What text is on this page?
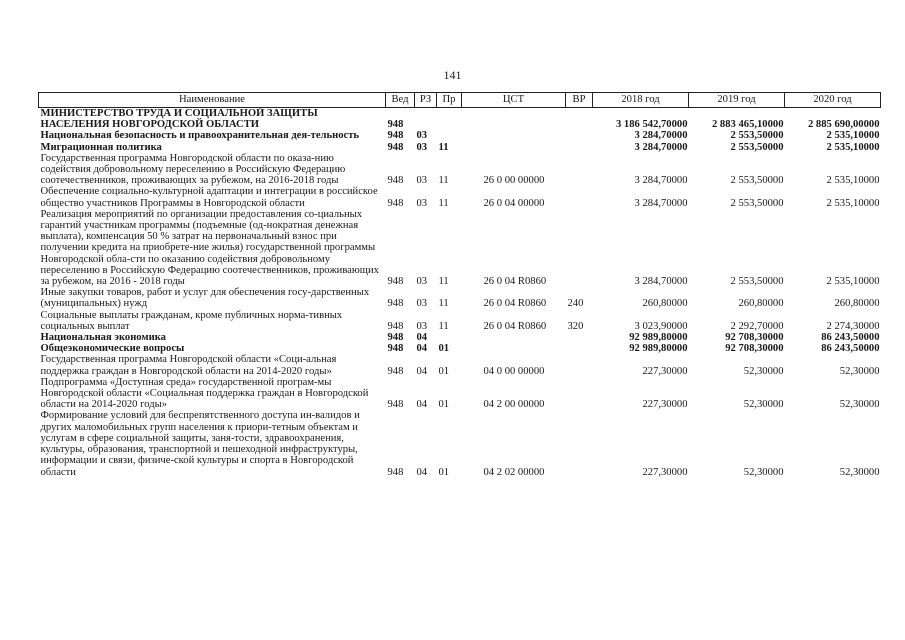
141
Наименование	Вед	РЗ	Пр	ЦСТ	ВР	2018 год	2019 год	2020 год
МИНИСТЕРСТВО ТРУДА И СОЦИАЛЬНОЙ ЗАЩИТЫ НАСЕЛЕНИЯ НОВГОРОДСКОЙ ОБЛАСТИ	948					3 186 542,70000	2 883 465,10000	2 885 690,00000
Национальная безопасность и правоохранительная дея-тельность	948	03				3 284,70000	2 553,50000	2 535,10000
Миграционная политика	948	03	11			3 284,70000	2 553,50000	2 535,10000
Государственная программа Новгородской области по оказа-нию содействия добровольному переселению в Российскую Федерацию соотечественников, проживающих за рубежом, на 2016-2018 годы	948	03	11	26 0 00 00000		3 284,70000	2 553,50000	2 535,10000
Обеспечение социально-культурной адаптации и интеграции в российское общество участников Программы в Новгородской области	948	03	11	26 0 04 00000		3 284,70000	2 553,50000	2 535,10000
Реализация мероприятий по организации предоставления со-циальных гарантий участникам программы (подъемные (од-нократная денежная выплата), компенсация 50 % затрат на первоначальный взнос при получении кредита на приобрете-ние жилья) государственной программы Новгородской обла-сти по оказанию содействия добровольному переселению в Российскую Федерацию соотечественников, проживающих за рубежом, на 2016 - 2018 годы	948	03	11	26 0 04 R0860		3 284,70000	2 553,50000	2 535,10000
Иные закупки товаров, работ и услуг для обеспечения госу-дарственных (муниципальных) нужд	948	03	11	26 0 04 R0860	240	260,80000	260,80000	260,80000
Социальные выплаты гражданам, кроме публичных норма-тивных социальных выплат	948	03	11	26 0 04 R0860	320	3 023,90000	2 292,70000	2 274,30000
Национальная экономика	948	04				92 989,80000	92 708,30000	86 243,50000
Общеэкономические вопросы	948	04	01			92 989,80000	92 708,30000	86 243,50000
Государственная программа Новгородской области «Соци-альная поддержка граждан в Новгородской области на 2014-2020 годы»	948	04	01	04 0 00 00000		227,30000	52,30000	52,30000
Подпрограмма «Доступная среда» государственной програм-мы Новгородской области «Социальная поддержка граждан в Новгородской области на 2014-2020 годы»	948	04	01	04 2 00 00000		227,30000	52,30000	52,30000
Формирование условий для беспрепятственного доступа ин-валидов и других маломобильных групп населения к приори-тетным объектам и услугам в сфере социальной защиты, заня-тости, здравоохранения, культуры, образования, транспортной и пешеходной инфраструктуры, информации и связи, физиче-ской культуры и спорта в Новгородской области	948	04	01	04 2 02 00000		227,30000	52,30000	52,30000
